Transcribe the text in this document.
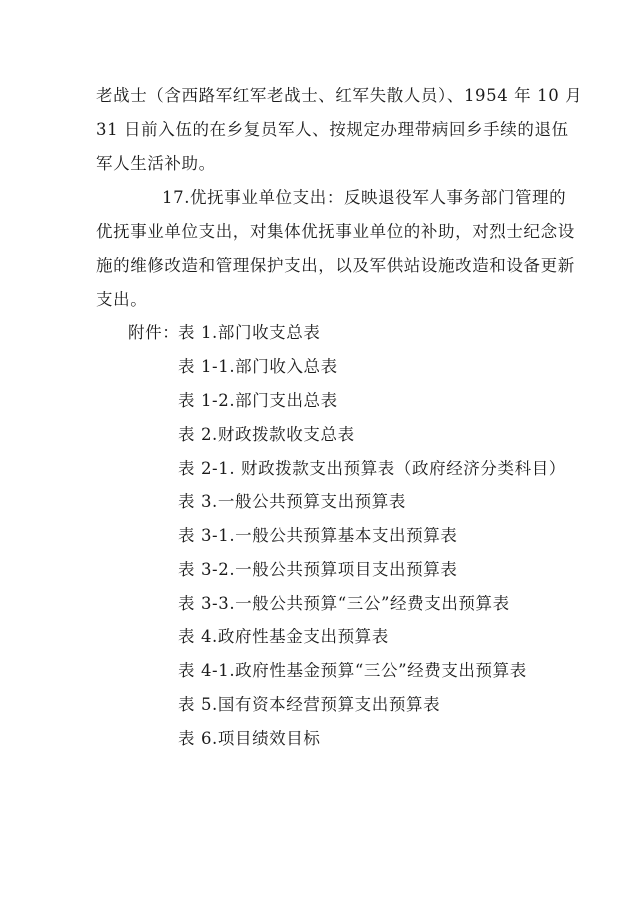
老战士（含西路军红军老战士、红军失散人员）、1954 年 10 月
31 日前入伍的在乡复员军人、按规定办理带病回乡手续的退伍
军人生活补助。
17.优抚事业单位支出：反映退役军人事务部门管理的
优抚事业单位支出，对集体优抚事业单位的补助，对烈士纪念设
施的维修改造和管理保护支出，以及军供站设施改造和设备更新
支出。
附件：
表 1.部门收支总表
表 1-1.部门收入总表
表 1-2.部门支出总表
表 2.财政拨款收支总表
表 2-1. 财政拨款支出预算表（政府经济分类科目）
表 3.一般公共预算支出预算表
表 3-1.一般公共预算基本支出预算表
表 3-2.一般公共预算项目支出预算表
表 3-3.一般公共预算“三公”经费支出预算表
表 4.政府性基金支出预算表
表 4-1.政府性基金预算“三公”经费支出预算表
表 5.国有资本经营预算支出预算表
表 6.项目绩效目标
